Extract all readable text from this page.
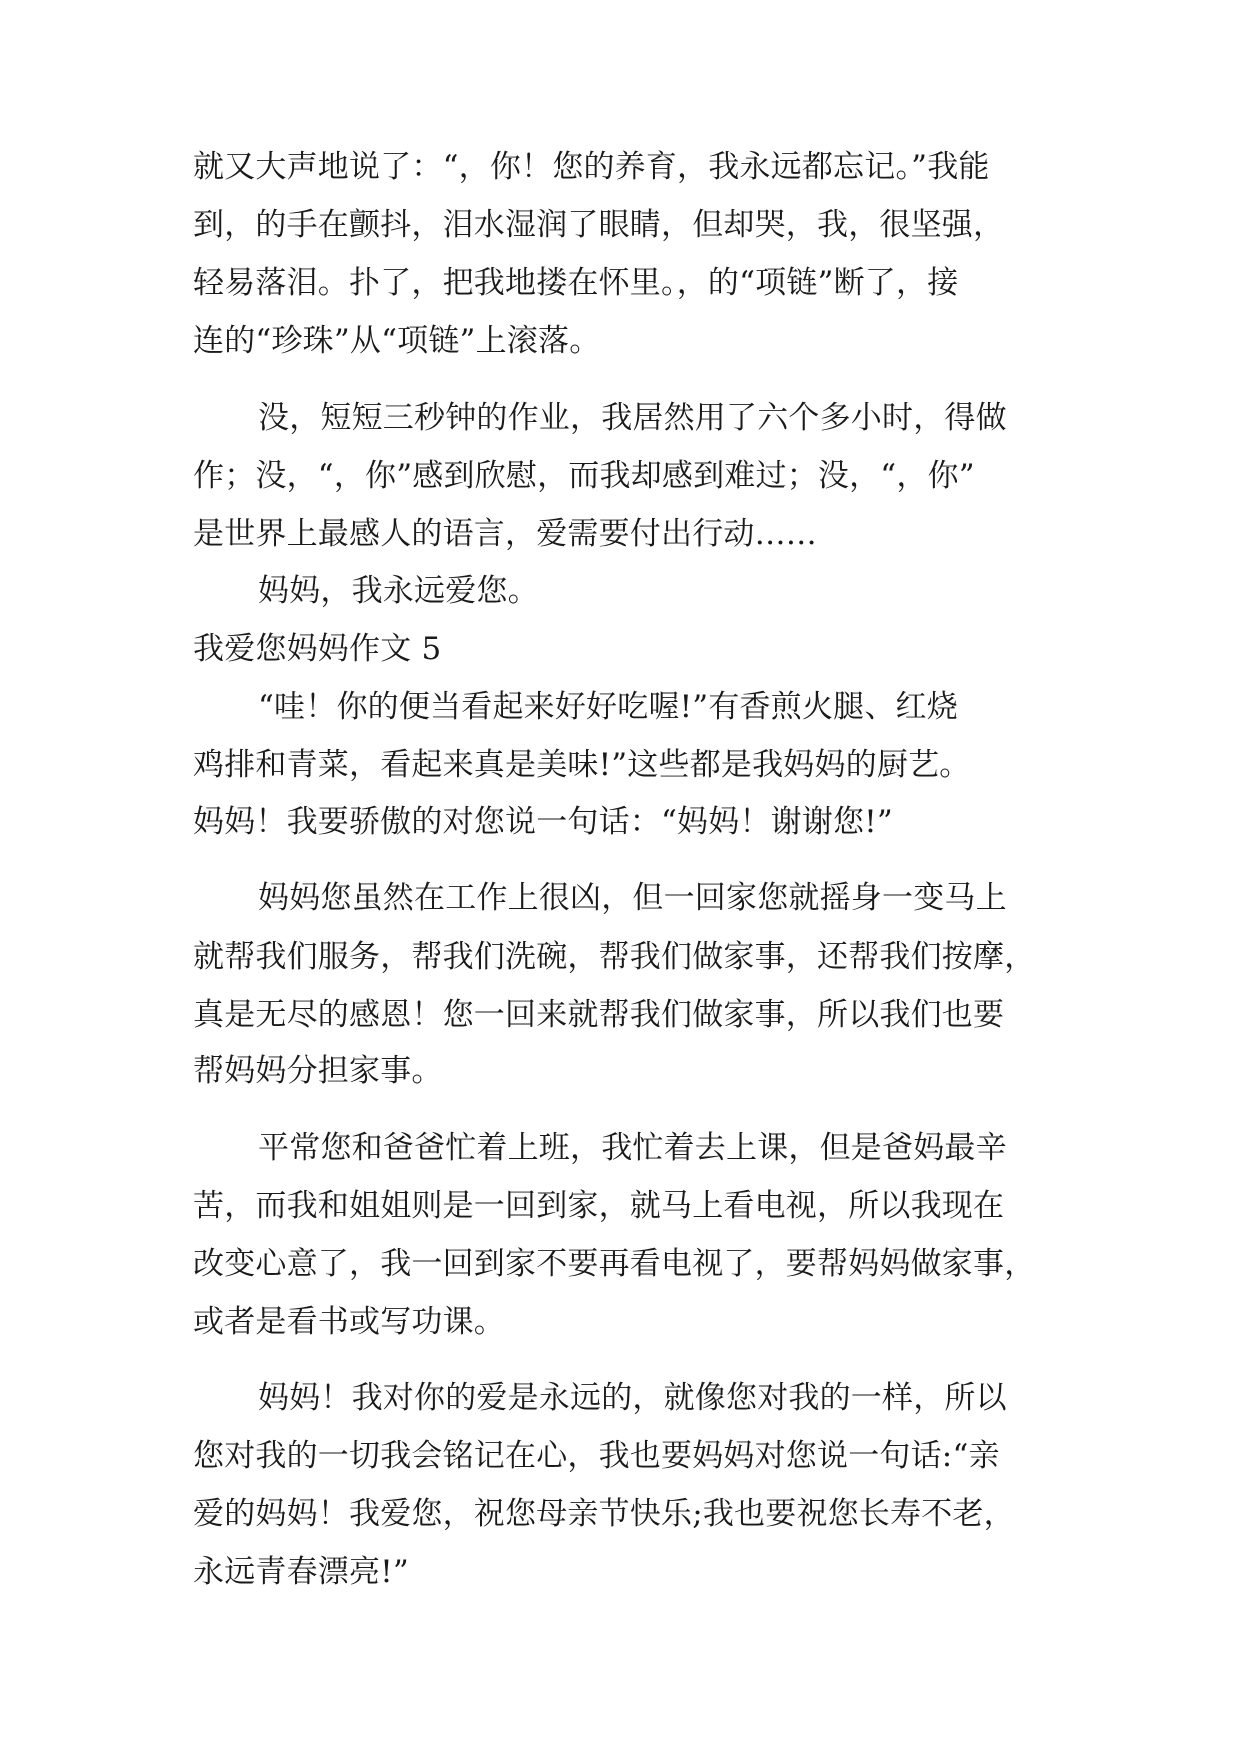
就又大声地说了：“，你！您的养育，我永远都忘记。”我能
到，的手在颤抖，泪水湿润了眼睛，但却哭，我，很坚强，
轻易落泪。扑了，把我地搂在怀里。，的“项链”断了，接
连的“珍珠”从“项链”上滚落。
没，短短三秒钟的作业，我居然用了六个多小时，得做
作；没，“，你”感到欣慰，而我却感到难过；没，“，你”
是世界上最感人的语言，爱需要付出行动……
妈妈，我永远爱您。
我爱您妈妈作文 5
“哇！你的便当看起来好好吃喔!”有香煎火腿、红烧
鸡排和青菜，看起来真是美味!”这些都是我妈妈的厨艺。
妈妈！我要骄傲的对您说一句话：“妈妈！谢谢您!”
妈妈您虽然在工作上很凶，但一回家您就摇身一变马上
就帮我们服务，帮我们洗碗，帮我们做家事，还帮我们按摩，
真是无尽的感恩！您一回来就帮我们做家事，所以我们也要
帮妈妈分担家事。
平常您和爸爸忙着上班，我忙着去上课，但是爸妈最辛
苦，而我和姐姐则是一回到家，就马上看电视，所以我现在
改变心意了，我一回到家不要再看电视了，要帮妈妈做家事，
或者是看书或写功课。
妈妈！我对你的爱是永远的，就像您对我的一样，所以
您对我的一切我会铭记在心，我也要妈妈对您说一句话:“亲
爱的妈妈！我爱您，祝您母亲节快乐;我也要祝您长寿不老，
永远青春漂亮!”
